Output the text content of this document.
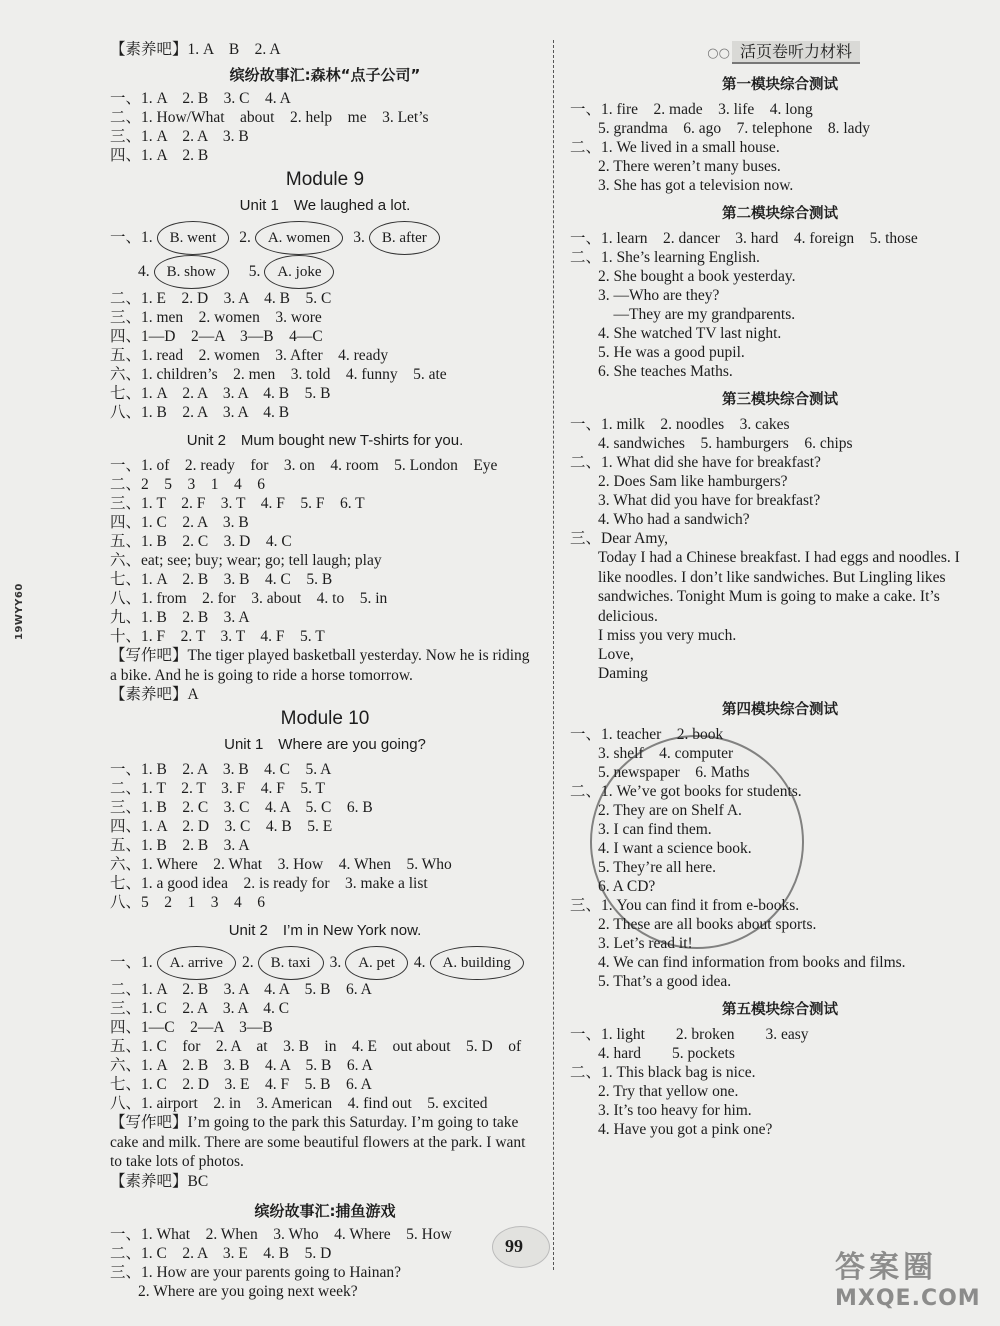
19WYY60
【素养吧】1. A　B　2. A
缤纷故事汇:森林“点子公司”
一、1. A　2. B　3. C　4. A
二、1. How/What　about　2. help　me　3. Let’s
三、1. A　2. A　3. B
四、1. A　2. B
Module 9
Unit 1　We laughed a lot.
一、1. B. went 2. A. women 3. B. after
4. B. show 5. A. joke
二、1. E　2. D　3. A　4. B　5. C
三、1. men　2. women　3. wore
四、1—D　2—A　3—B　4—C
五、1. read　2. women　3. After　4. ready
六、1. children’s　2. men　3. told　4. funny　5. ate
七、1. A　2. A　3. A　4. B　5. B
八、1. B　2. A　3. A　4. B
Unit 2　Mum bought new T-shirts for you.
一、1. of　2. ready　for　3. on　4. room　5. London　Eye
二、2　5　3　1　4　6
三、1. T　2. F　3. T　4. F　5. F　6. T
四、1. C　2. A　3. B
五、1. B　2. C　3. D　4. C
六、eat; see; buy; wear; go; tell laugh; play
七、1. A　2. B　3. B　4. C　5. B
八、1. from　2. for　3. about　4. to　5. in
九、1. B　2. B　3. A
十、1. F　2. T　3. T　4. F　5. T
【写作吧】The tiger played basketball yesterday. Now he is riding a bike. And he is going to ride a horse tomorrow.
【素养吧】A
Module 10
Unit 1　Where are you going?
一、1. B　2. A　3. B　4. C　5. A
二、1. T　2. T　3. F　4. F　5. T
三、1. B　2. C　3. C　4. A　5. C　6. B
四、1. A　2. D　3. C　4. B　5. E
五、1. B　2. B　3. A
六、1. Where　2. What　3. How　4. When　5. Who
七、1. a good idea　2. is ready for　3. make a list
八、5　2　1　3　4　6
Unit 2　I’m in New York now.
一、1. A. arrive 2. B. taxi 3. A. pet 4. A. building
二、1. A　2. B　3. A　4. A　5. B　6. A
三、1. C　2. A　3. A　4. C
四、1—C　2—A　3—B
五、1. C　for　2. A　at　3. B　in　4. E　out about　5. D　of
六、1. A　2. B　3. B　4. A　5. B　6. A
七、1. C　2. D　3. E　4. F　5. B　6. A
八、1. airport　2. in　3. American　4. find out　5. excited
【写作吧】I’m going to the park this Saturday. I’m going to take cake and milk. There are some beautiful flowers at the park. I want to take lots of photos.
【素养吧】BC
缤纷故事汇:捕鱼游戏
一、1. What　2. When　3. Who　4. Where　5. How
二、1. C　2. A　3. E　4. B　5. D
三、1. How are your parents going to Hainan?
2. Where are you going next week?
○○ 活页卷听力材料
第一模块综合测试
一、1. fire　2. made　3. life　4. long
5. grandma　6. ago　7. telephone　8. lady
二、1. We lived in a small house.
2. There weren’t many buses.
3. She has got a television now.
第二模块综合测试
一、1. learn　2. dancer　3. hard　4. foreign　5. those
二、1. She’s learning English.
2. She bought a book yesterday.
3. —Who are they?
　—They are my grandparents.
4. She watched TV last night.
5. He was a good pupil.
6. She teaches Maths.
第三模块综合测试
一、1. milk　2. noodles　3. cakes
4. sandwiches　5. hamburgers　6. chips
二、1. What did she have for breakfast?
2. Does Sam like hamburgers?
3. What did you have for breakfast?
4. Who had a sandwich?
三、Dear Amy,
Today I had a Chinese breakfast. I had eggs and noodles. I like noodles. I don’t like sandwiches. But Lingling likes sandwiches. Tonight Mum is going to make a cake. It’s delicious.
I miss you very much.
Love,
Daming
第四模块综合测试
一、1. teacher　2. book
3. shelf　4. computer
5. newspaper　6. Maths
二、1. We’ve got books for students.
2. They are on Shelf A.
3. I can find them.
4. I want a science book.
5. They’re all here.
6. A CD?
三、1. You can find it from e-books.
2. These are all books about sports.
3. Let’s read it!
4. We can find information from books and films.
5. That’s a good idea.
第五模块综合测试
一、1. light　　2. broken　　3. easy
4. hard　　5. pockets
二、1. This black bag is nice.
2. Try that yellow one.
3. It’s too heavy for him.
4. Have you got a pink one?
99
答案圈
MXQE.COM
